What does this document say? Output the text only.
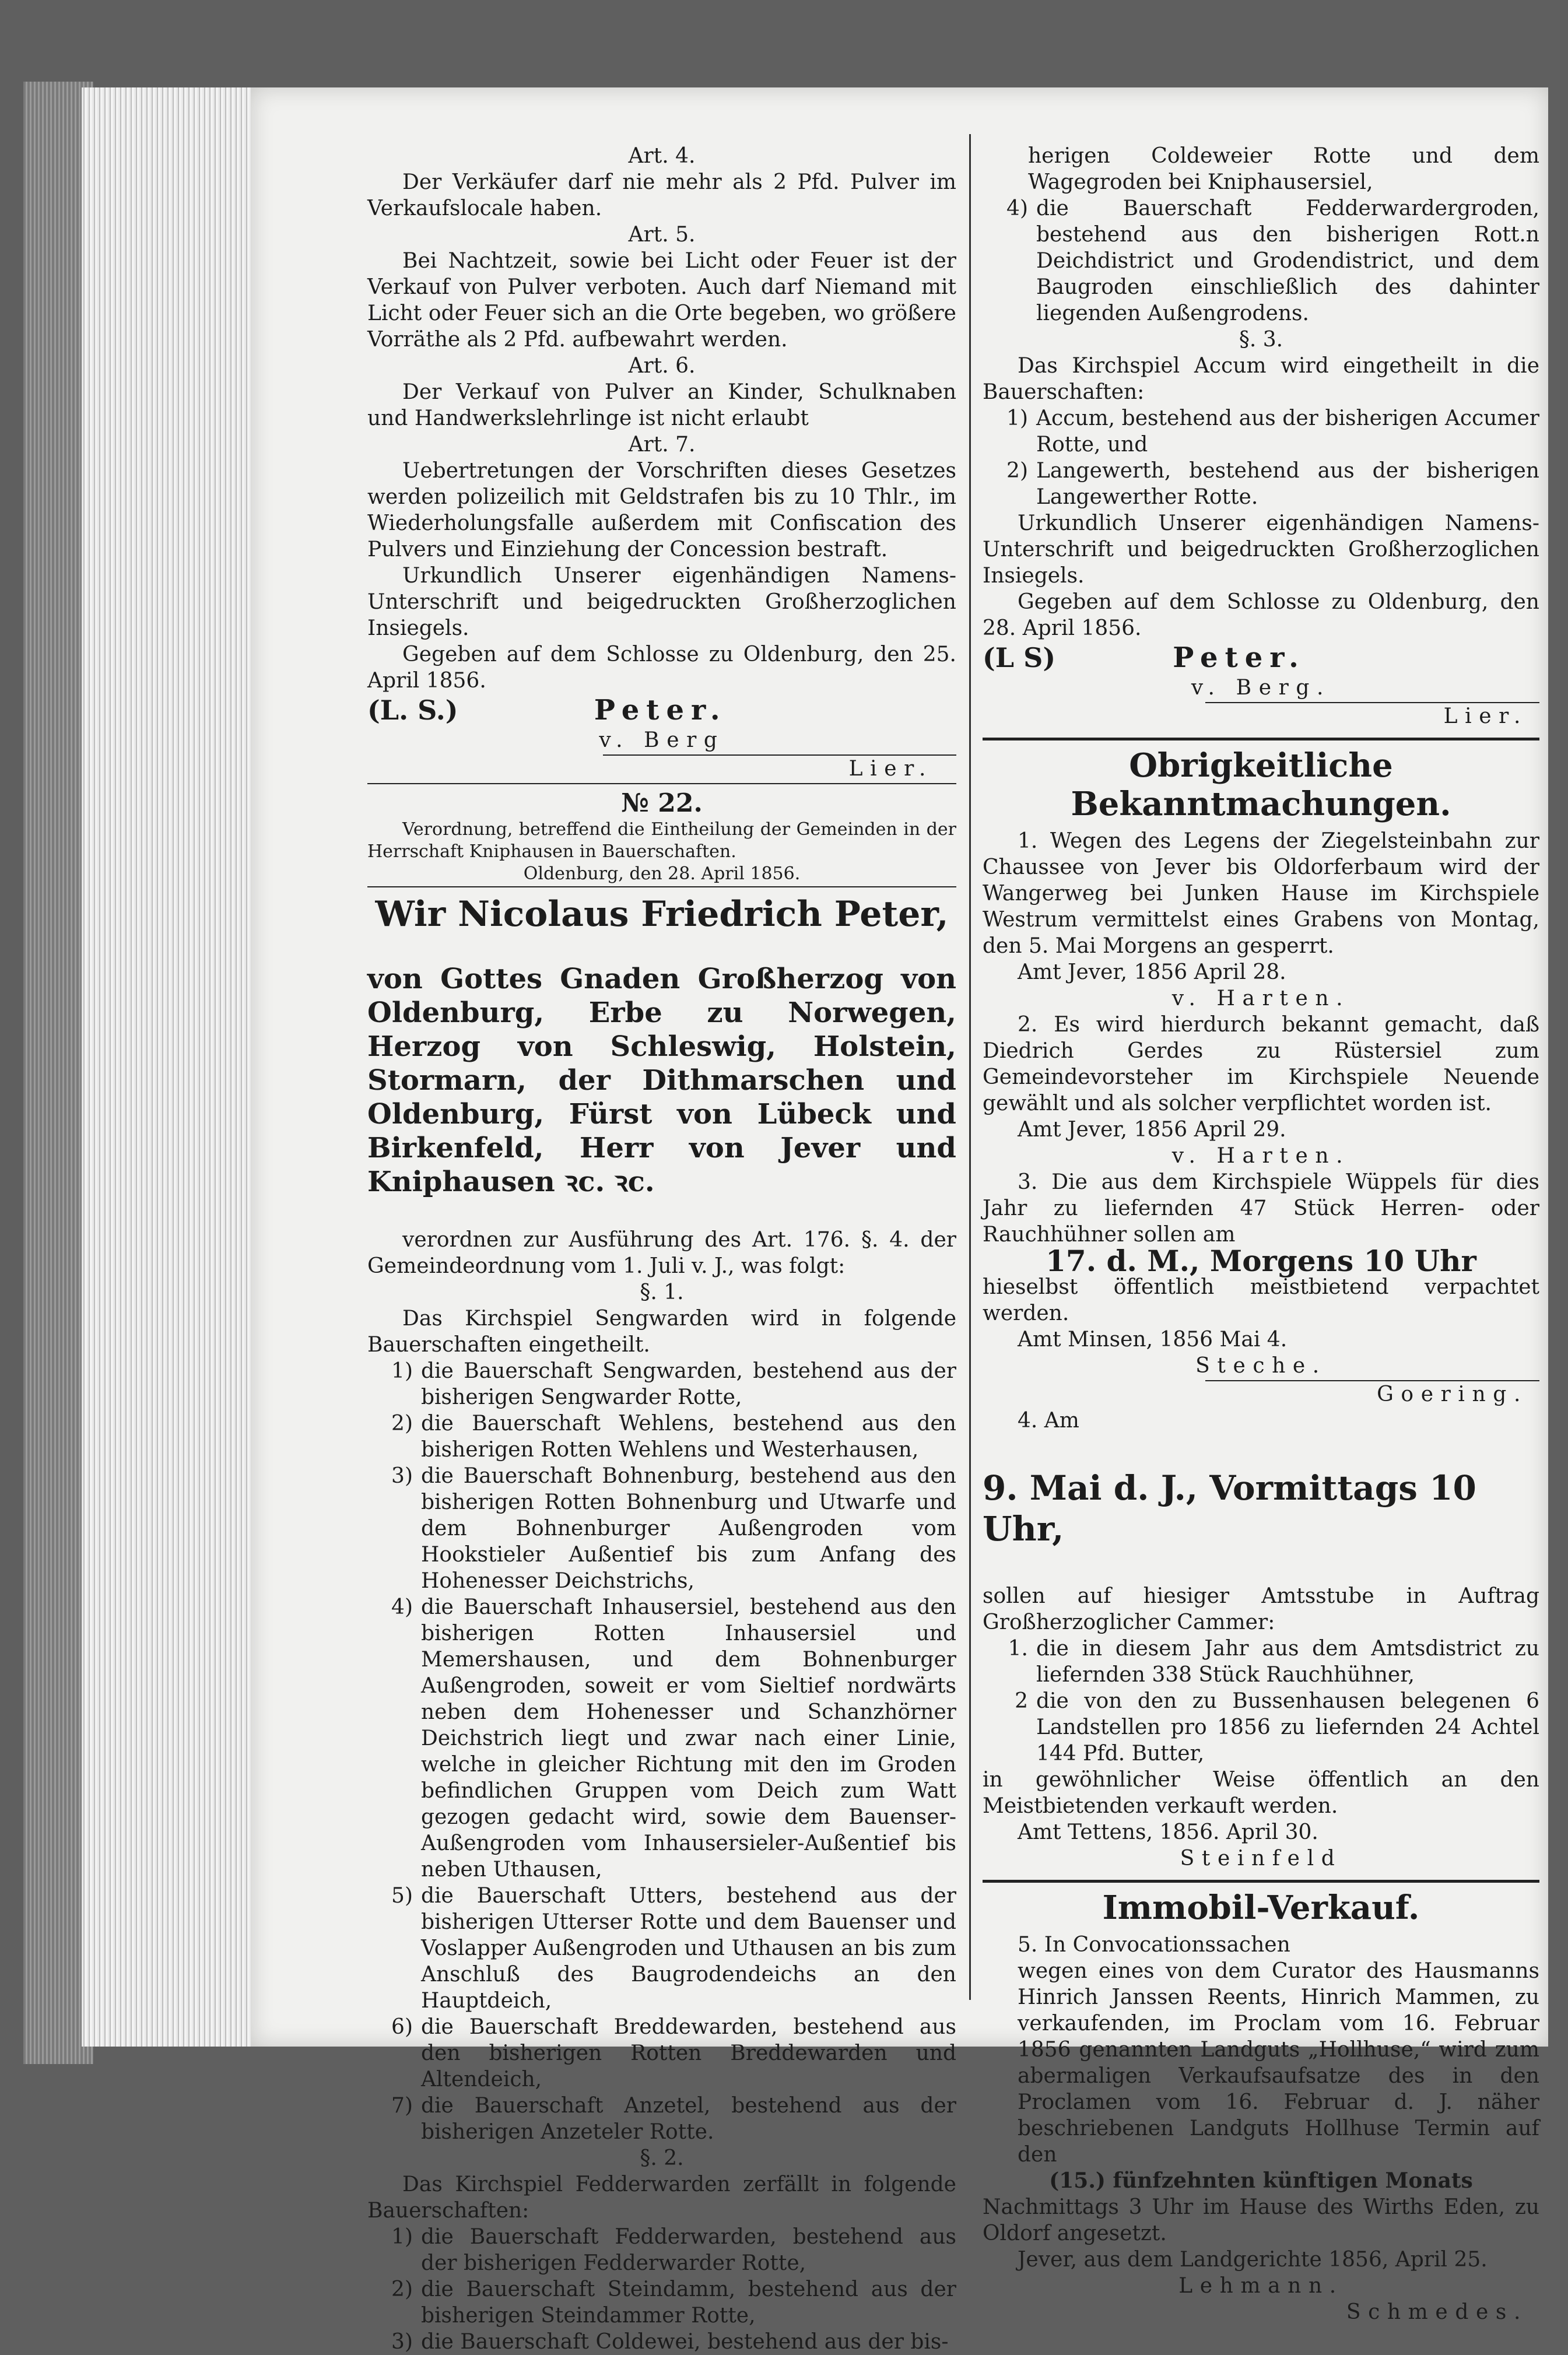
Art. 4.

Der Verkäufer darf nie mehr als 2 Pfd. Pulver im Verkaufslocale haben.

Art. 5.

Bei Nachtzeit, sowie bei Licht oder Feuer ist der Verkauf von Pulver verboten. Auch darf Niemand mit Licht oder Feuer sich an die Orte begeben, wo größere Vorräthe als 2 Pfd. aufbewahrt werden.

Art. 6.

Der Verkauf von Pulver an Kinder, Schulknaben und Handwerkslehrlinge ist nicht erlaubt

Art. 7.

Uebertretungen der Vorschriften dieses Gesetzes werden polizeilich mit Geldstrafen bis zu 10 Thlr., im Wiederholungsfalle außerdem mit Confiscation des Pulvers und Einziehung der Concession bestraft.

Urkundlich Unserer eigenhändigen Namens-Unterschrift und beigedruckten Großherzoglichen Insiegels.

Gegeben auf dem Schlosse zu Oldenburg, den 25. April 1856.

(L. S.)	Peter.

v. Berg

Lier.

№ 22.

Verordnung, betreffend die Eintheilung der Gemeinden in der Herrschaft Kniphausen in Bauerschaften.

Oldenburg, den 28. April 1856.

Wir Nicolaus Friedrich Peter,

von Gottes Gnaden Großherzog von Oldenburg, Erbe zu Norwegen, Herzog von Schleswig, Holstein, Stormarn, der Dithmarschen und Oldenburg, Fürst von Lübeck und Birkenfeld, Herr von Jever und Kniphausen ꝛc. ꝛc.

verordnen zur Ausführung des Art. 176. §. 4. der Gemeindeordnung vom 1. Juli v. J., was folgt:

§. 1.

Das Kirchspiel Sengwarden wird in folgende Bauerschaften eingetheilt.

1) die Bauerschaft Sengwarden, bestehend aus der bisherigen Sengwarder Rotte,
2) die Bauerschaft Wehlens, bestehend aus den bisherigen Rotten Wehlens und Westerhausen,
3) die Bauerschaft Bohnenburg, bestehend aus den bisherigen Rotten Bohnenburg und Utwarfe und dem Bohnenburger Außengroden vom Hookstieler Außentief bis zum Anfang des Hohenesser Deichstrichs,
4) die Bauerschaft Inhausersiel, bestehend aus den bisherigen Rotten Inhausersiel und Memershausen, und dem Bohnenburger Außengroden, soweit er vom Sieltief nordwärts neben dem Hohenesser und Schanzhörner Deichstrich liegt und zwar nach einer Linie, welche in gleicher Richtung mit den im Groden befindlichen Gruppen vom Deich zum Watt gezogen gedacht wird, sowie dem Bauenser-Außengroden vom Inhausersieler-Außentief bis neben Uthausen,
5) die Bauerschaft Utters, bestehend aus der bisherigen Utterser Rotte und dem Bauenser und Voslapper Außengroden und Uthausen an bis zum Anschluß des Baugrodendeichs an den Hauptdeich,
6) die Bauerschaft Breddewarden, bestehend aus den bisherigen Rotten Breddewarden und Altendeich,
7) die Bauerschaft Anzetel, bestehend aus der bisherigen Anzeteler Rotte.

§. 2.

Das Kirchspiel Fedderwarden zerfällt in folgende Bauerschaften:

1) die Bauerschaft Fedderwarden, bestehend aus der bisherigen Fedderwarder Rotte,
2) die Bauerschaft Steindamm, bestehend aus der bisherigen Steindammer Rotte,
3) die Bauerschaft Coldewei, bestehend aus der bis-

herigen Coldeweier Rotte und dem Wagegroden bei Kniphausersiel,

4) die Bauerschaft Fedderwardergroden, bestehend aus den bisherigen Rott.n Deichdistrict und Grodendistrict, und dem Baugroden einschließlich des dahinter liegenden Außengrodens.

§. 3.

Das Kirchspiel Accum wird eingetheilt in die Bauerschaften:

1) Accum, bestehend aus der bisherigen Accumer Rotte, und
2) Langewerth, bestehend aus der bisherigen Langewerther Rotte.

Urkundlich Unserer eigenhändigen Namens-Unterschrift und beigedruckten Großherzoglichen Insiegels.

Gegeben auf dem Schlosse zu Oldenburg, den 28. April 1856.

(L S)	Peter.

v. Berg.

Lier.

Obrigkeitliche Bekanntmachungen.

1. Wegen des Legens der Ziegelsteinbahn zur Chaussee von Jever bis Oldorferbaum wird der Wangerweg bei Junken Hause im Kirchspiele Westrum vermittelst eines Grabens von Montag, den 5. Mai Morgens an gesperrt.

Amt Jever, 1856 April 28.

v. Harten.

2. Es wird hierdurch bekannt gemacht, daß Diedrich Gerdes zu Rüstersiel zum Gemeindevorsteher im Kirchspiele Neuende gewählt und als solcher verpflichtet worden ist.

Amt Jever, 1856 April 29.

v. Harten.

3. Die aus dem Kirchspiele Wüppels für dies Jahr zu liefernden 47 Stück Herren- oder Rauchhühner sollen am

17. d. M., Morgens 10 Uhr

hieselbst öffentlich meistbietend verpachtet werden.

Amt Minsen, 1856 Mai 4.

Steche.

Goering.

4. Am

9. Mai d. J., Vormittags 10 Uhr,

sollen auf hiesiger Amtsstube in Auftrag Großherzoglicher Cammer:

1. die in diesem Jahr aus dem Amtsdistrict zu liefernden 338 Stück Rauchhühner,
2 die von den zu Bussenhausen belegenen 6 Landstellen pro 1856 zu liefernden 24 Achtel 144 Pfd. Butter,

in gewöhnlicher Weise öffentlich an den Meistbietenden verkauft werden.

Amt Tettens, 1856. April 30.

Steinfeld

Immobil-Verkauf.

5. In Convocationssachen

wegen eines von dem Curator des Hausmanns Hinrich Janssen Reents, Hinrich Mammen, zu verkaufenden, im Proclam vom 16. Februar 1856 genannten Landguts „Hollhuse,“ wird zum abermaligen Verkaufsaufsatze des in den Proclamen vom 16. Februar d. J. näher beschriebenen Landguts Hollhuse Termin auf den

(15.) fünfzehnten künftigen Monats

Nachmittags 3 Uhr im Hause des Wirths Eden, zu Oldorf angesetzt.

Jever, aus dem Landgerichte 1856, April 25.

Lehmann.

Schmedes.
